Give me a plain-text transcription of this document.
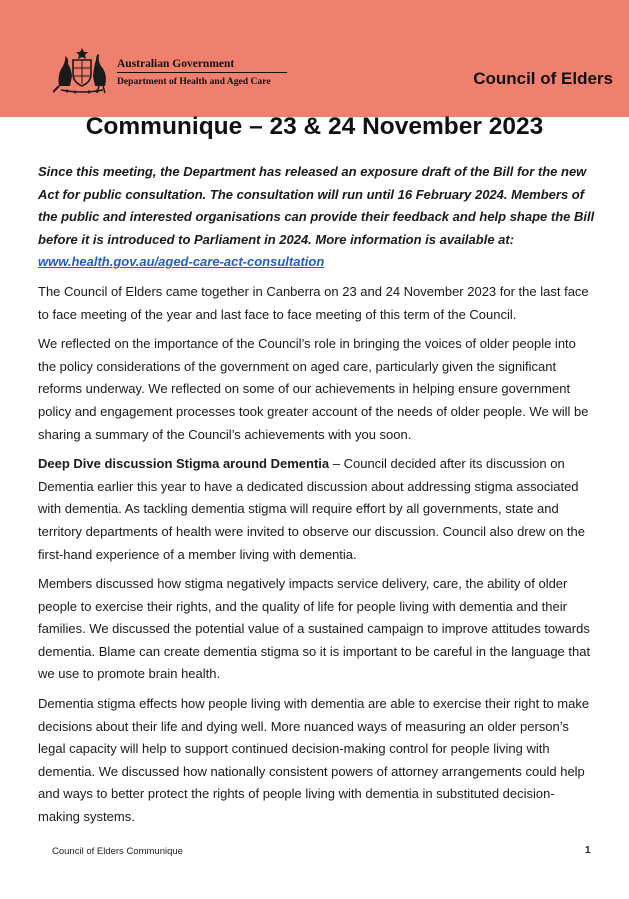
Australian Government
Department of Health and Aged Care	Council of Elders
Communique – 23 & 24 November 2023

Since this meeting, the Department has released an exposure draft of the Bill for the new Act for public consultation. The consultation will run until 16 February 2024. Members of the public and interested organisations can provide their feedback and help shape the Bill before it is introduced to Parliament in 2024. More information is available at: www.health.gov.au/aged-care-act-consultation

The Council of Elders came together in Canberra on 23 and 24 November 2023 for the last face to face meeting of the year and last face to face meeting of this term of the Council.

We reflected on the importance of the Council’s role in bringing the voices of older people into the policy considerations of the government on aged care, particularly given the significant reforms underway. We reflected on some of our achievements in helping ensure government policy and engagement processes took greater account of the needs of older people. We will be sharing a summary of the Council’s achievements with you soon.

Deep Dive discussion Stigma around Dementia – Council decided after its discussion on Dementia earlier this year to have a dedicated discussion about addressing stigma associated with dementia. As tackling dementia stigma will require effort by all governments, state and territory departments of health were invited to observe our discussion. Council also drew on the first-hand experience of a member living with dementia.

Members discussed how stigma negatively impacts service delivery, care, the ability of older people to exercise their rights, and the quality of life for people living with dementia and their families. We discussed the potential value of a sustained campaign to improve attitudes towards dementia. Blame can create dementia stigma so it is important to be careful in the language that we use to promote brain health.

Dementia stigma effects how people living with dementia are able to exercise their right to make decisions about their life and dying well. More nuanced ways of measuring an older person’s legal capacity will help to support continued decision-making control for people living with dementia. We discussed how nationally consistent powers of attorney arrangements could help and ways to better protect the rights of people living with dementia in substituted decision-making systems.

Council of Elders Communique	1
